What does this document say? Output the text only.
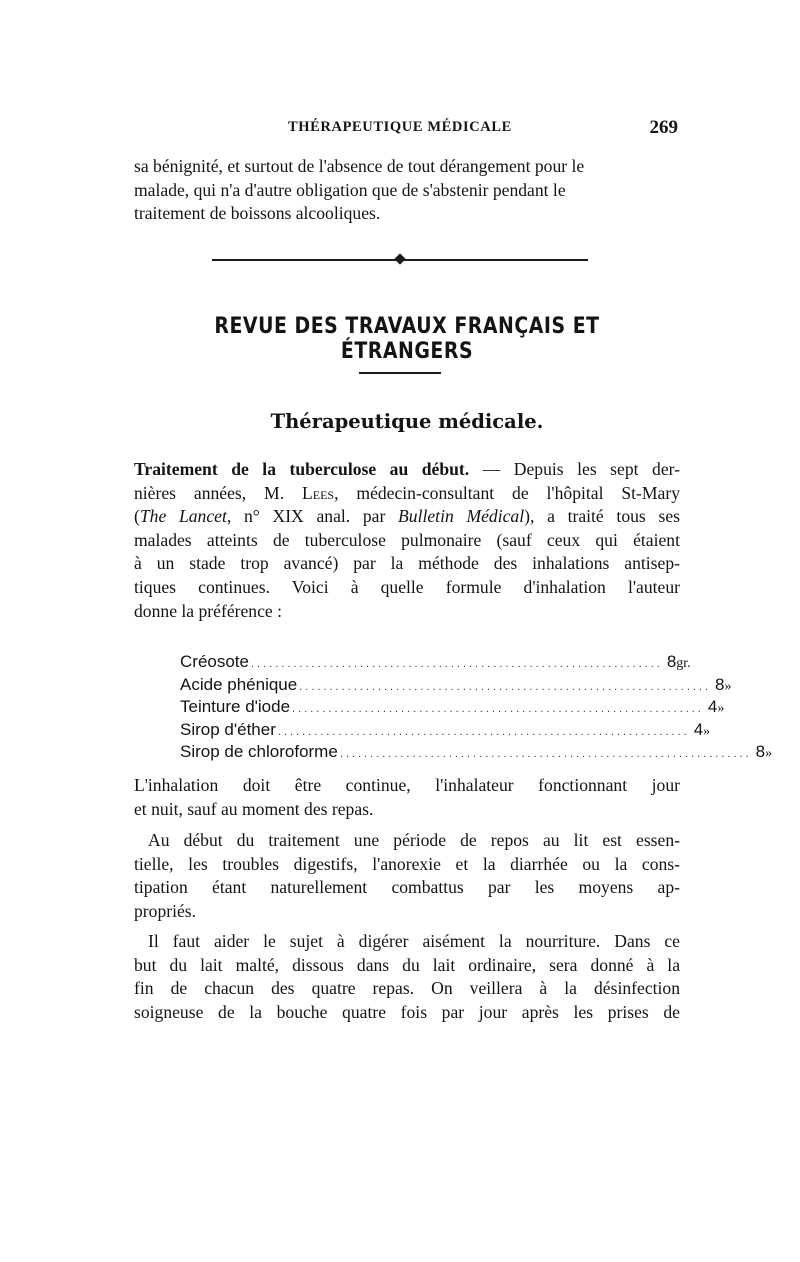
THÉRAPEUTIQUE MÉDICALE	269
sa bénignité, et surtout de l'absence de tout dérangement pour le
malade, qui n'a d'autre obligation que de s'abstenir pendant le
traitement de boissons alcooliques.
REVUE DES TRAVAUX FRANÇAIS ET ÉTRANGERS
Thérapeutique médicale.
Traitement de la tuberculose au début. — Depuis les sept der-
nières années, M. Lees, médecin-consultant de l'hôpital St-Mary
(The Lancet, n° XIX anal. par Bulletin Médical), a traité tous ses
malades atteints de tuberculose pulmonaire (sauf ceux qui étaient
à un stade trop avancé) par la méthode des inhalations antisep-
tiques continues. Voici à quelle formule d'inhalation l'auteur
donne la préférence :
Créosote .................................................................... 8 gr.
Acide phénique .................................................................... 8 »
Teinture d'iode .................................................................... 4 »
Sirop d'éther .................................................................... 4 »
Sirop de chloroforme .................................................................... 8 »
L'inhalation doit être continue, l'inhalateur fonctionnant jour
et nuit, sauf au moment des repas.
Au début du traitement une période de repos au lit est essen-
tielle, les troubles digestifs, l'anorexie et la diarrhée ou la cons-
tipation étant naturellement combattus par les moyens ap-
propriés.
Il faut aider le sujet à digérer aisément la nourriture. Dans ce
but du lait malté, dissous dans du lait ordinaire, sera donné à la
fin de chacun des quatre repas. On veillera à la désinfection
soigneuse de la bouche quatre fois par jour après les prises de
